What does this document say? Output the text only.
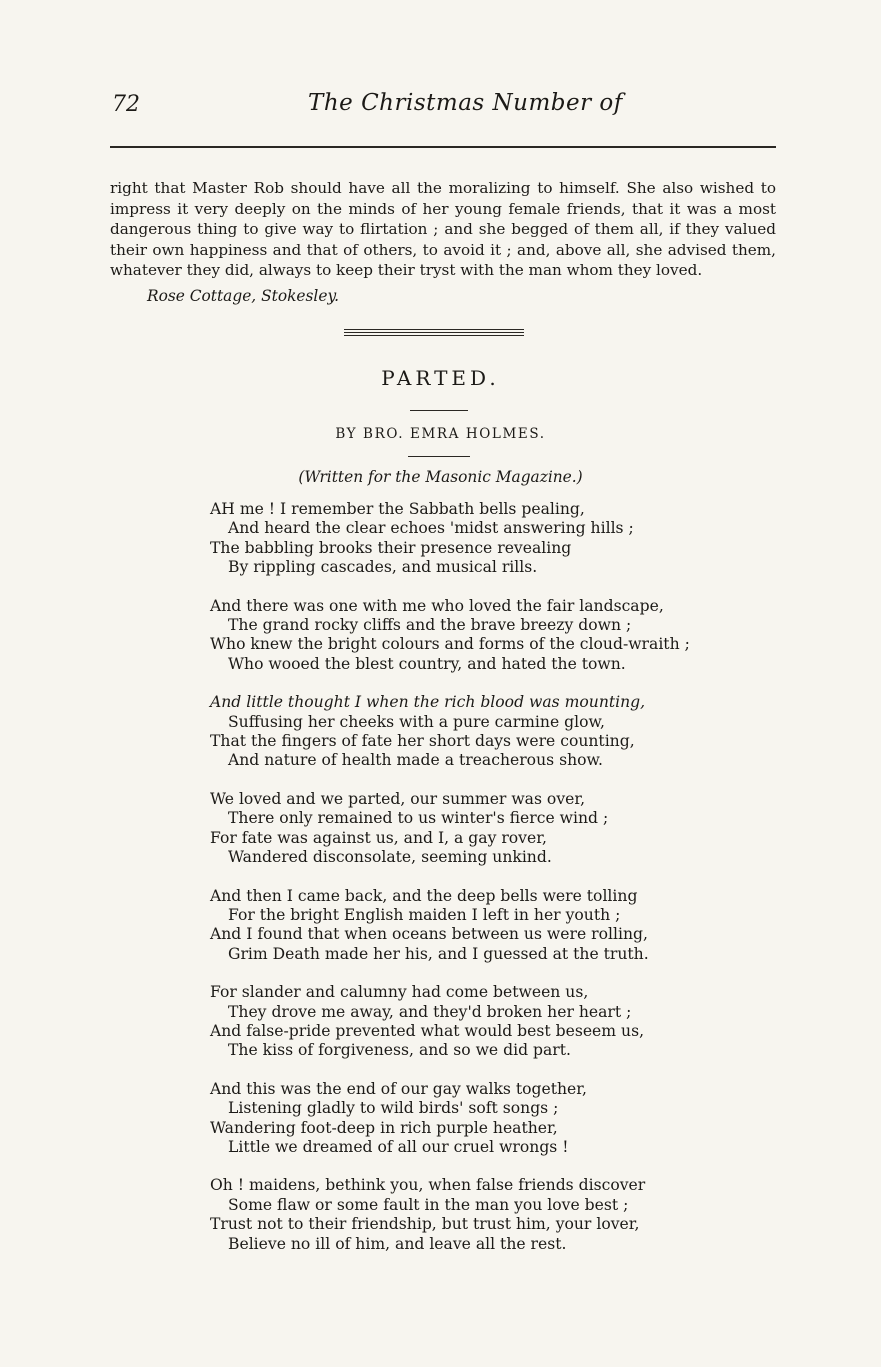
72	The Christmas Number of

right that Master Rob should have all the moralizing to himself. She also wished to impress it very deeply on the minds of her young female friends, that it was a most dangerous thing to give way to flirtation ; and she begged of them all, if they valued their own happiness and that of others, to avoid it ; and, above all, she advised them, whatever they did, always to keep their tryst with the man whom they loved.

Rose Cottage, Stokesley.
PARTED.
BY BRO. EMRA HOLMES.
(Written for the Masonic Magazine.)
AH me ! I remember the Sabbath bells pealing,
And heard the clear echoes 'midst answering hills ;
The babbling brooks their presence revealing
By rippling cascades, and musical rills.
And there was one with me who loved the fair landscape,
The grand rocky cliffs and the brave breezy down ;
Who knew the bright colours and forms of the cloud-wraith ;
Who wooed the blest country, and hated the town.
And little thought I when the rich blood was mounting,
Suffusing her cheeks with a pure carmine glow,
That the fingers of fate her short days were counting,
And nature of health made a treacherous show.
We loved and we parted, our summer was over,
There only remained to us winter's fierce wind ;
For fate was against us, and I, a gay rover,
Wandered disconsolate, seeming unkind.
And then I came back, and the deep bells were tolling
For the bright English maiden I left in her youth ;
And I found that when oceans between us were rolling,
Grim Death made her his, and I guessed at the truth.
For slander and calumny had come between us,
They drove me away, and they'd broken her heart ;
And false-pride prevented what would best beseem us,
The kiss of forgiveness, and so we did part.
And this was the end of our gay walks together,
Listening gladly to wild birds' soft songs ;
Wandering foot-deep in rich purple heather,
Little we dreamed of all our cruel wrongs !
Oh ! maidens, bethink you, when false friends discover
Some flaw or some fault in the man you love best ;
Trust not to their friendship, but trust him, your lover,
Believe no ill of him, and leave all the rest.
